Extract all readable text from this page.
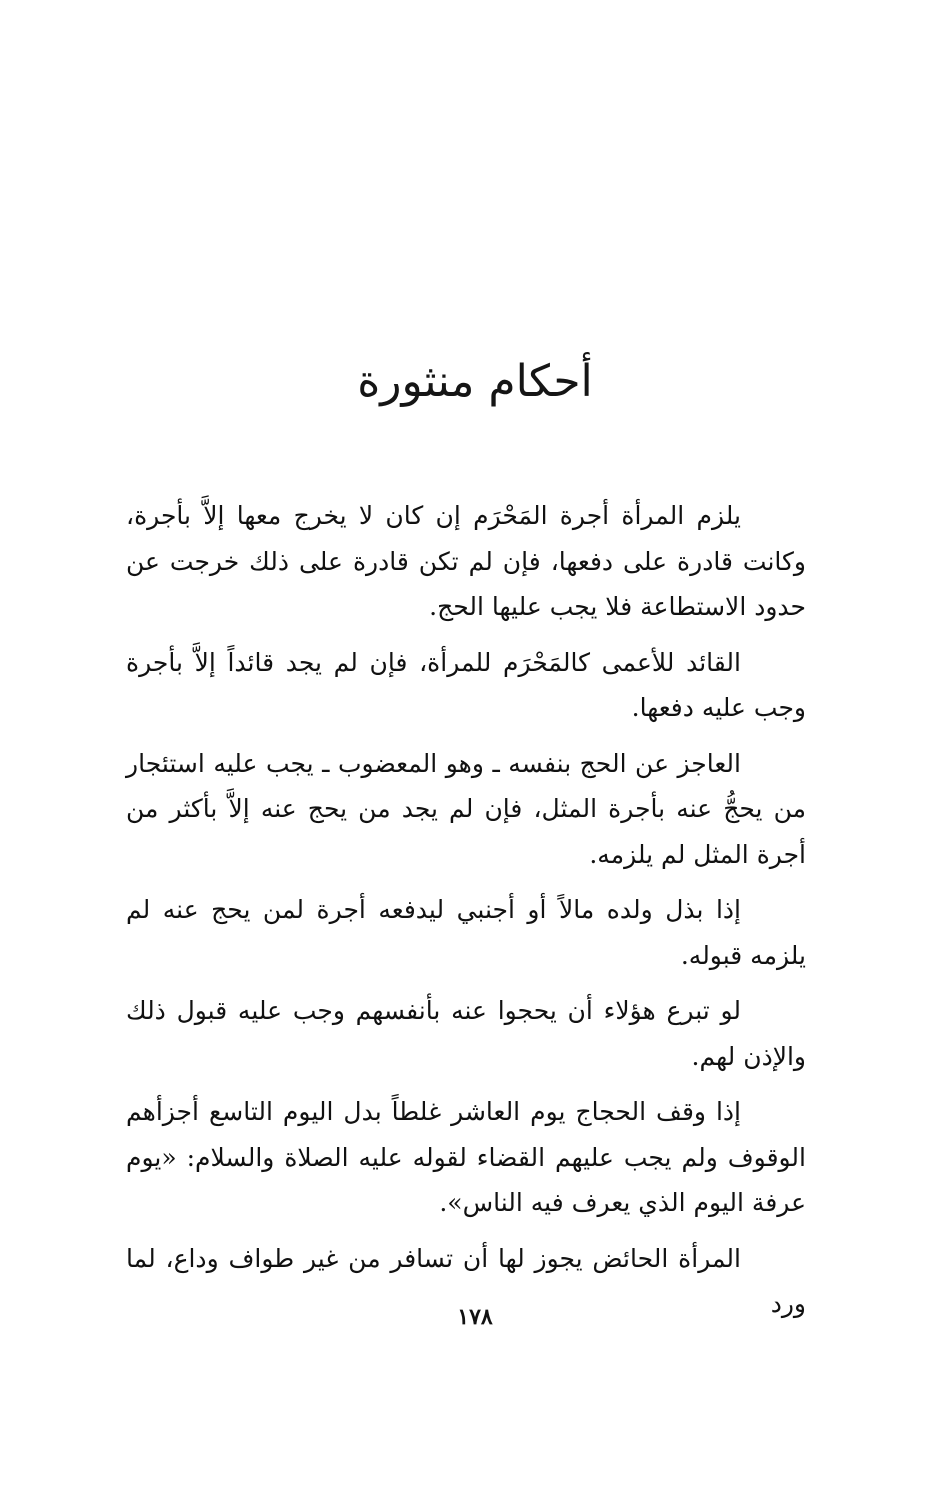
أحكام منثورة

يلزم المرأة أجرة المَحْرَم إن كان لا يخرج معها إلاَّ بأجرة، وكانت قادرة على دفعها، فإن لم تكن قادرة على ذلك خرجت عن حدود الاستطاعة فلا يجب عليها الحج.

القائد للأعمى كالمَحْرَم للمرأة، فإن لم يجد قائداً إلاَّ بأجرة وجب عليه دفعها.

العاجز عن الحج بنفسه ـ وهو المعضوب ـ يجب عليه استئجار من يحجُّ عنه بأجرة المثل، فإن لم يجد من يحج عنه إلاَّ بأكثر من أجرة المثل لم يلزمه.

إذا بذل ولده مالاً أو أجنبي ليدفعه أجرة لمن يحج عنه لم يلزمه قبوله.

لو تبرع هؤلاء أن يحجوا عنه بأنفسهم وجب عليه قبول ذلك والإذن لهم.

إذا وقف الحجاج يوم العاشر غلطاً بدل اليوم التاسع أجزأهم الوقوف ولم يجب عليهم القضاء لقوله عليه الصلاة والسلام: «يوم عرفة اليوم الذي يعرف فيه الناس».

المرأة الحائض يجوز لها أن تسافر من غير طواف وداع، لما ورد

١٧٨
